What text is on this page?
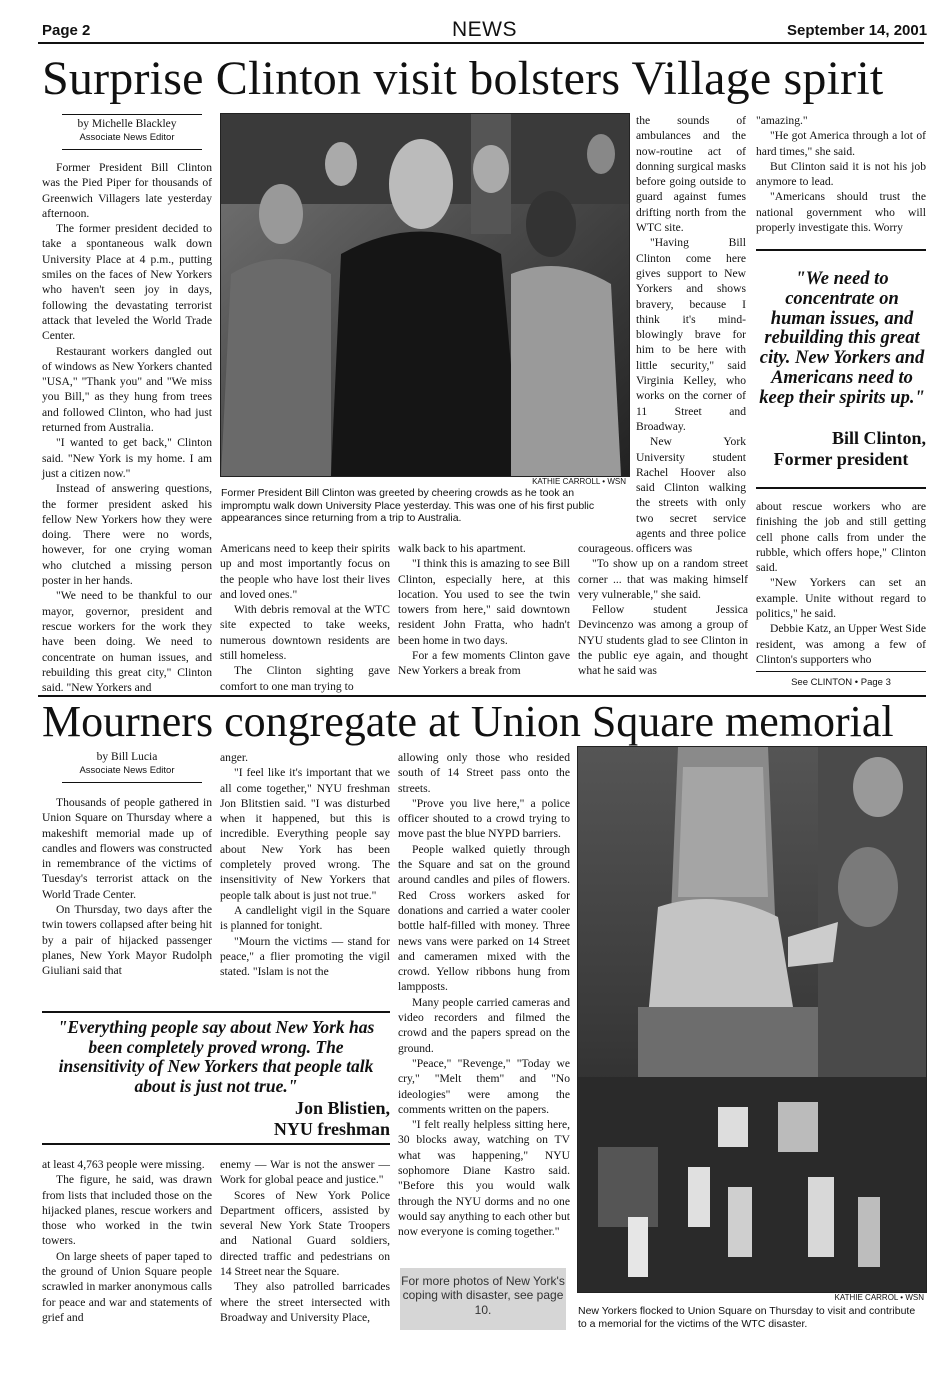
Page 2	NEWS	September 14, 2001
Surprise Clinton visit bolsters Village spirit
by Michelle Blackley
Associate News Editor

Former President Bill Clinton was the Pied Piper for thousands of Greenwich Villagers late yesterday afternoon.

The former president decided to take a spontaneous walk down University Place at 4 p.m., putting smiles on the faces of New Yorkers who haven't seen joy in days, following the devastating terrorist attack that leveled the World Trade Center.

Restaurant workers dangled out of windows as New Yorkers chanted "USA," "Thank you" and "We miss you Bill," as they hung from trees and followed Clinton, who had just returned from Australia.

"I wanted to get back," Clinton said. "New York is my home. I am just a citizen now."

Instead of answering questions, the former president asked his fellow New Yorkers how they were doing. There were no words, however, for one crying woman who clutched a missing person poster in her hands.

"We need to be thankful to our mayor, governor, president and rescue workers for the work they have been doing. We need to concentrate on human issues, and rebuilding this great city," Clinton said. "New Yorkers and

KATHIE CARROLL • WSN
Former President Bill Clinton was greeted by cheering crowds as he took an impromptu walk down University Place yesterday. This was one of his first public appearances since returning from a trip to Australia.

Americans need to keep their spirits up and most importantly focus on the people who have lost their lives and loved ones."

With debris removal at the WTC site expected to take weeks, numerous downtown residents are still homeless.

The Clinton sighting gave comfort to one man trying to

walk back to his apartment.

"I think this is amazing to see Bill Clinton, especially here, at this location. You used to see the twin towers from here," said downtown resident John Fratta, who hadn't been home in two days.

For a few moments Clinton gave New Yorkers a break from

the sounds of ambulances and the now-routine act of donning surgical masks before going outside to guard against fumes drifting north from the WTC site.

"Having Bill Clinton come here gives support to New Yorkers and shows bravery, because I think it's mind-blowingly brave for him to be here with little security," said Virginia Kelley, who works on the corner of 11 Street and Broadway.

New York University student Rachel Hoover also said Clinton walking the streets with only two secret service agents and three police officers was

courageous.

"To show up on a random street corner ... that was making himself very vulnerable," she said.

Fellow student Jessica Devincenzo was among a group of NYU students glad to see Clinton in the public eye again, and thought what he said was

"amazing."

"He got America through a lot of hard times," she said.

But Clinton said it is not his job anymore to lead.

"Americans should trust the national government who will properly investigate this. Worry

"We need to concentrate on human issues, and rebuilding this great city. New Yorkers and Americans need to keep their spirits up."
Bill Clinton,
Former president

about rescue workers who are finishing the job and still getting cell phone calls from under the rubble, which offers hope," Clinton said.

"New Yorkers can set an example. Unite without regard to politics," he said.

Debbie Katz, an Upper West Side resident, was among a few of Clinton's supporters who

See CLINTON • Page 3
Mourners congregate at Union Square memorial
by Bill Lucia
Associate News Editor

Thousands of people gathered in Union Square on Thursday where a makeshift memorial made up of candles and flowers was constructed in remembrance of the victims of Tuesday's terrorist attack on the World Trade Center.

On Thursday, two days after the twin towers collapsed after being hit by a pair of hijacked passenger planes, New York Mayor Rudolph Giuliani said that

anger.

"I feel like it's important that we all come together," NYU freshman Jon Blitstien said. "I was disturbed when it happened, but this is incredible. Everything people say about New York has been completely proved wrong. The insensitivity of New Yorkers that people talk about is just not true."

A candlelight vigil in the Square is planned for tonight.

"Mourn the victims — stand for peace," a flier promoting the vigil stated. "Islam is not the

"Everything people say about New York has been completely proved wrong. The insensitivity of New Yorkers that people talk about is just not true."
Jon Blistien,
NYU freshman

at least 4,763 people were missing.

The figure, he said, was drawn from lists that included those on the hijacked planes, rescue workers and those who worked in the twin towers.

On large sheets of paper taped to the ground of Union Square people scrawled in marker anonymous calls for peace and war and statements of grief and

enemy — War is not the answer — Work for global peace and justice."

Scores of New York Police Department officers, assisted by several New York State Troopers and National Guard soldiers, directed traffic and pedestrians on 14 Street near the Square.

They also patrolled barricades where the street intersected with Broadway and University Place,

allowing only those who resided south of 14 Street pass onto the streets.

"Prove you live here," a police officer shouted to a crowd trying to move past the blue NYPD barriers.

People walked quietly through the Square and sat on the ground around candles and piles of flowers. Red Cross workers asked for donations and carried a water cooler bottle half-filled with money. Three news vans were parked on 14 Street and cameramen mixed with the crowd. Yellow ribbons hung from lampposts.

Many people carried cameras and video recorders and filmed the crowd and the papers spread on the ground.

"Peace," "Revenge," "Today we cry," "Melt them" and "No ideologies" were among the comments written on the papers.

"I felt really helpless sitting here, 30 blocks away, watching on TV what was happening," NYU sophomore Diane Kastro said. "Before this you would walk through the NYU dorms and no one would say anything to each other but now everyone is coming together."

For more photos of New York's coping with disaster, see page 10.
KATHIE CARROL • WSN
New Yorkers flocked to Union Square on Thursday to visit and contribute to a memorial for the victims of the WTC disaster.
